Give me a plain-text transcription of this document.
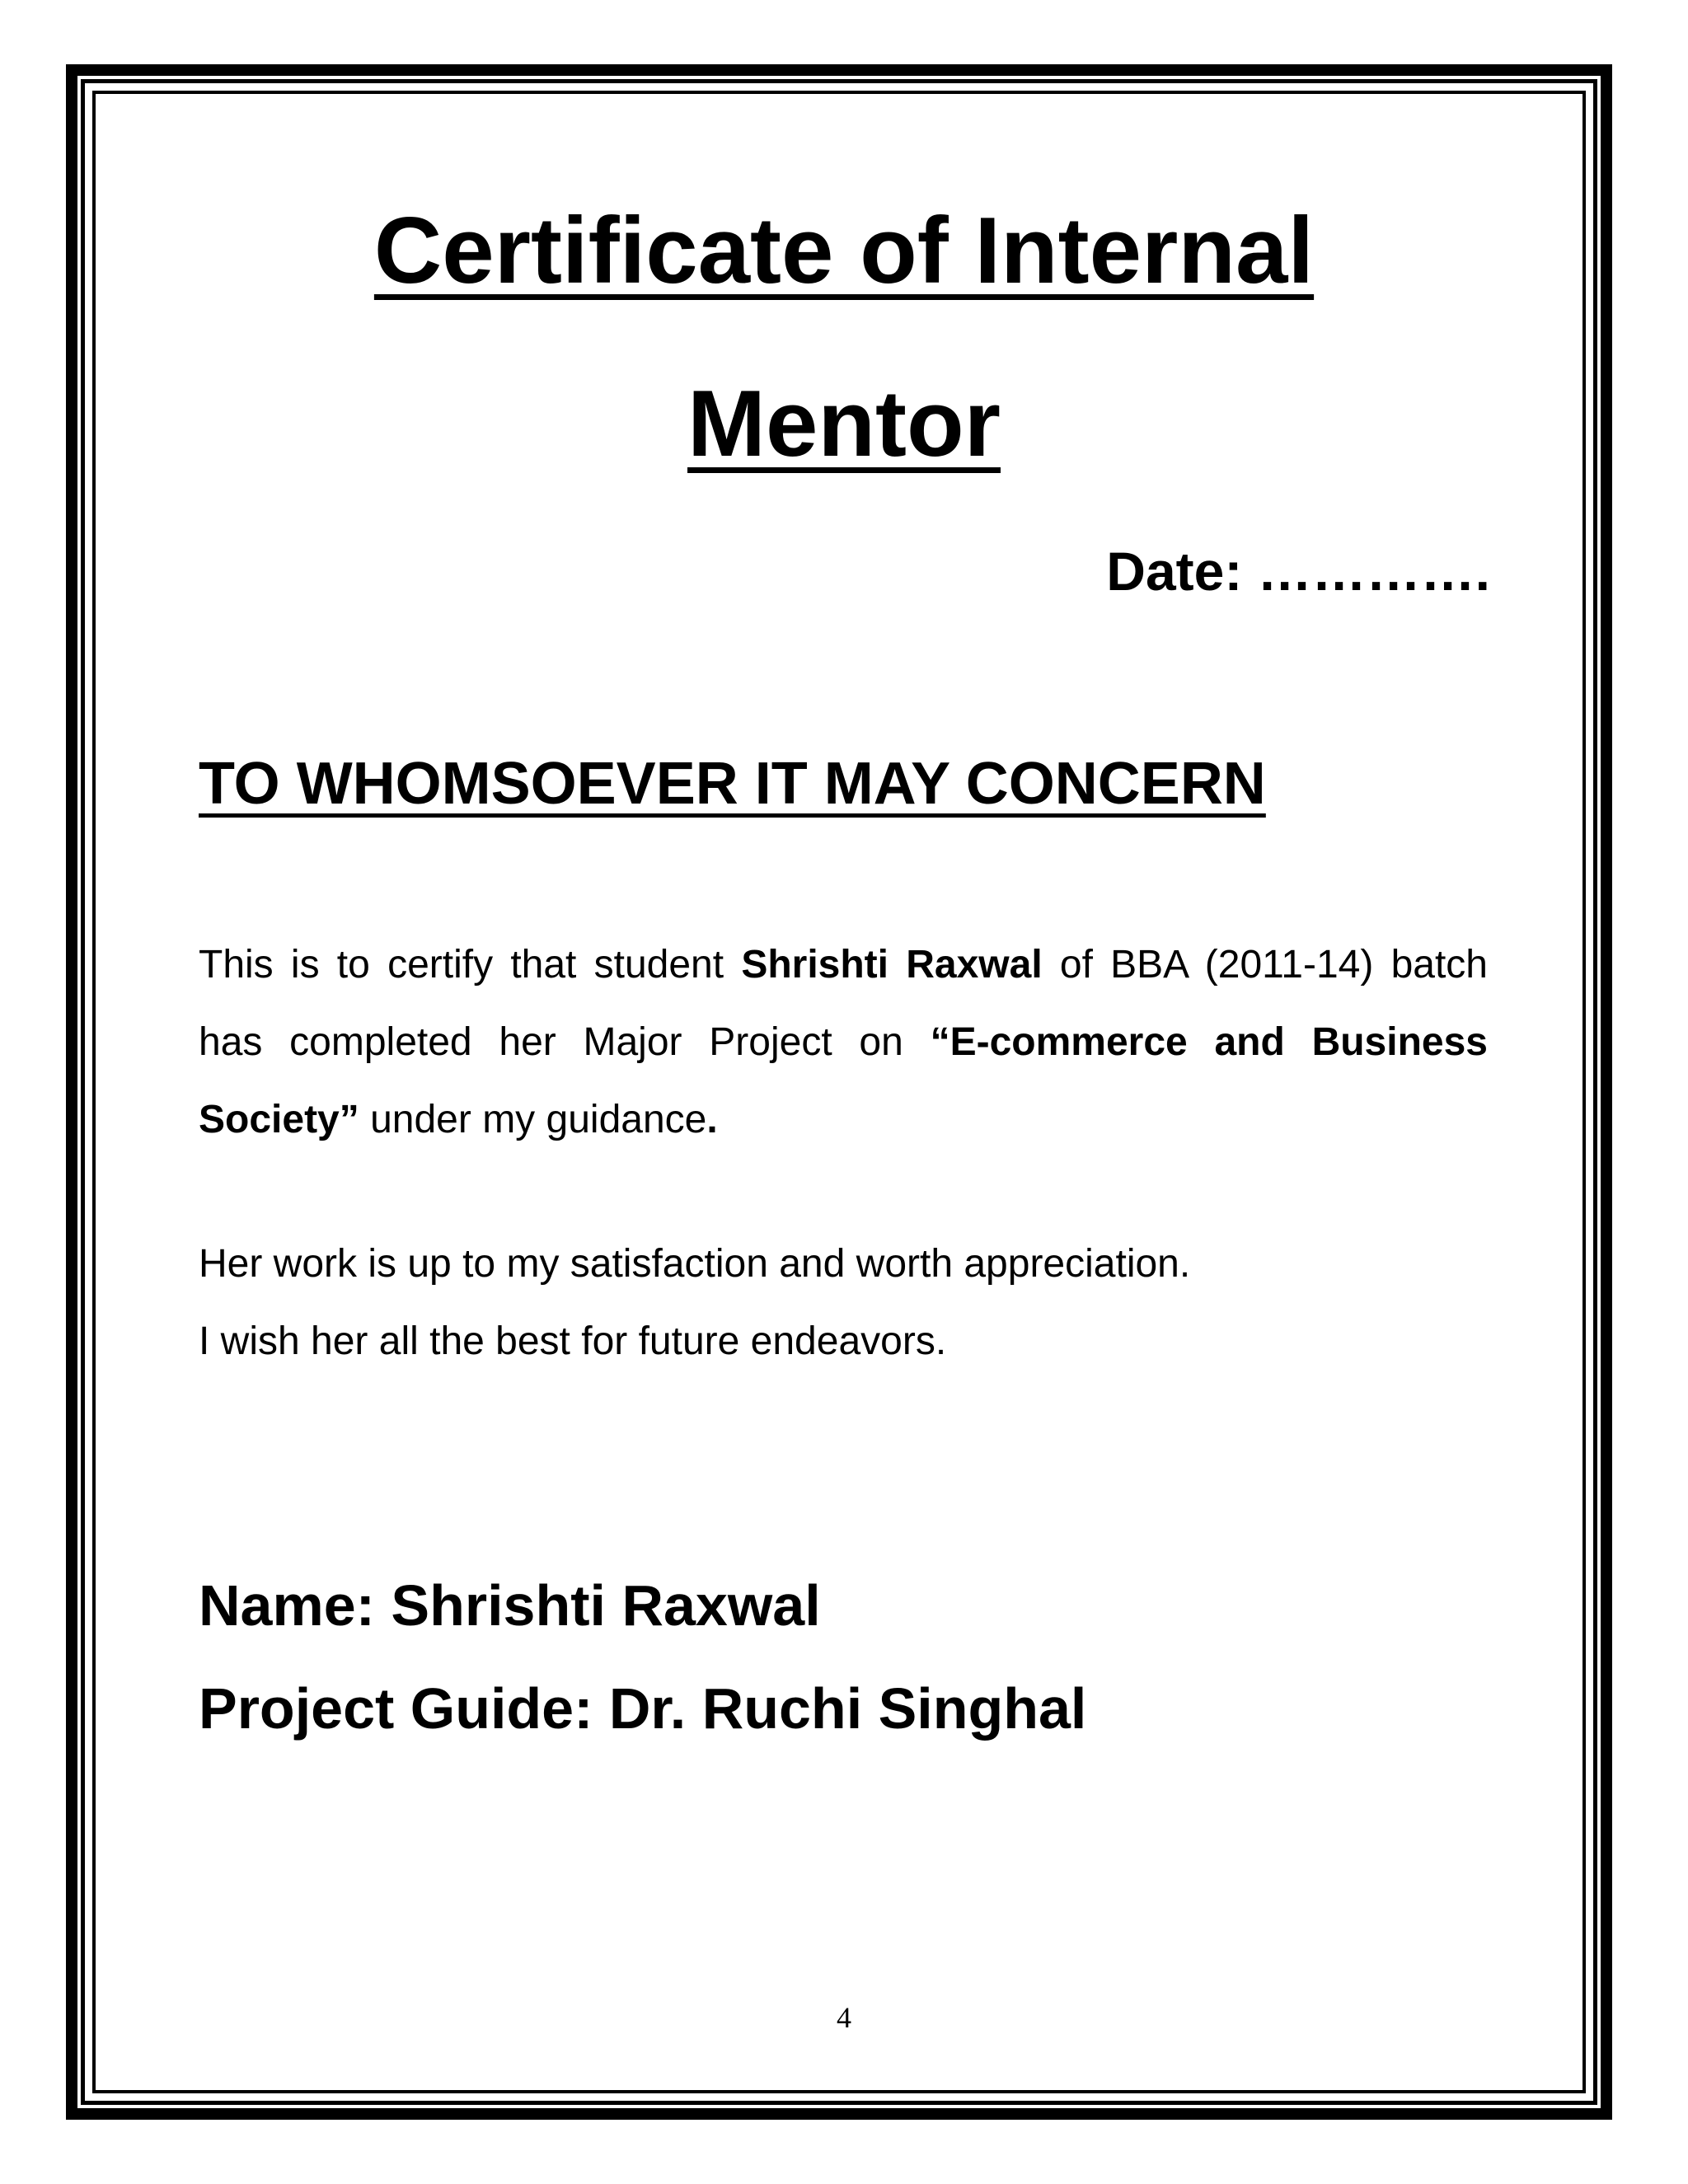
Certificate of Internal
Mentor
Date: ………….
TO WHOMSOEVER IT MAY CONCERN
This is to certify that student Shrishti Raxwal of BBA (2011-14) batch has completed her Major Project on “E-commerce and Business Society” under my guidance.
Her work is up to my satisfaction and worth appreciation.
I wish her all the best for future endeavors.
Name: Shrishti Raxwal
Project Guide: Dr. Ruchi Singhal
4
